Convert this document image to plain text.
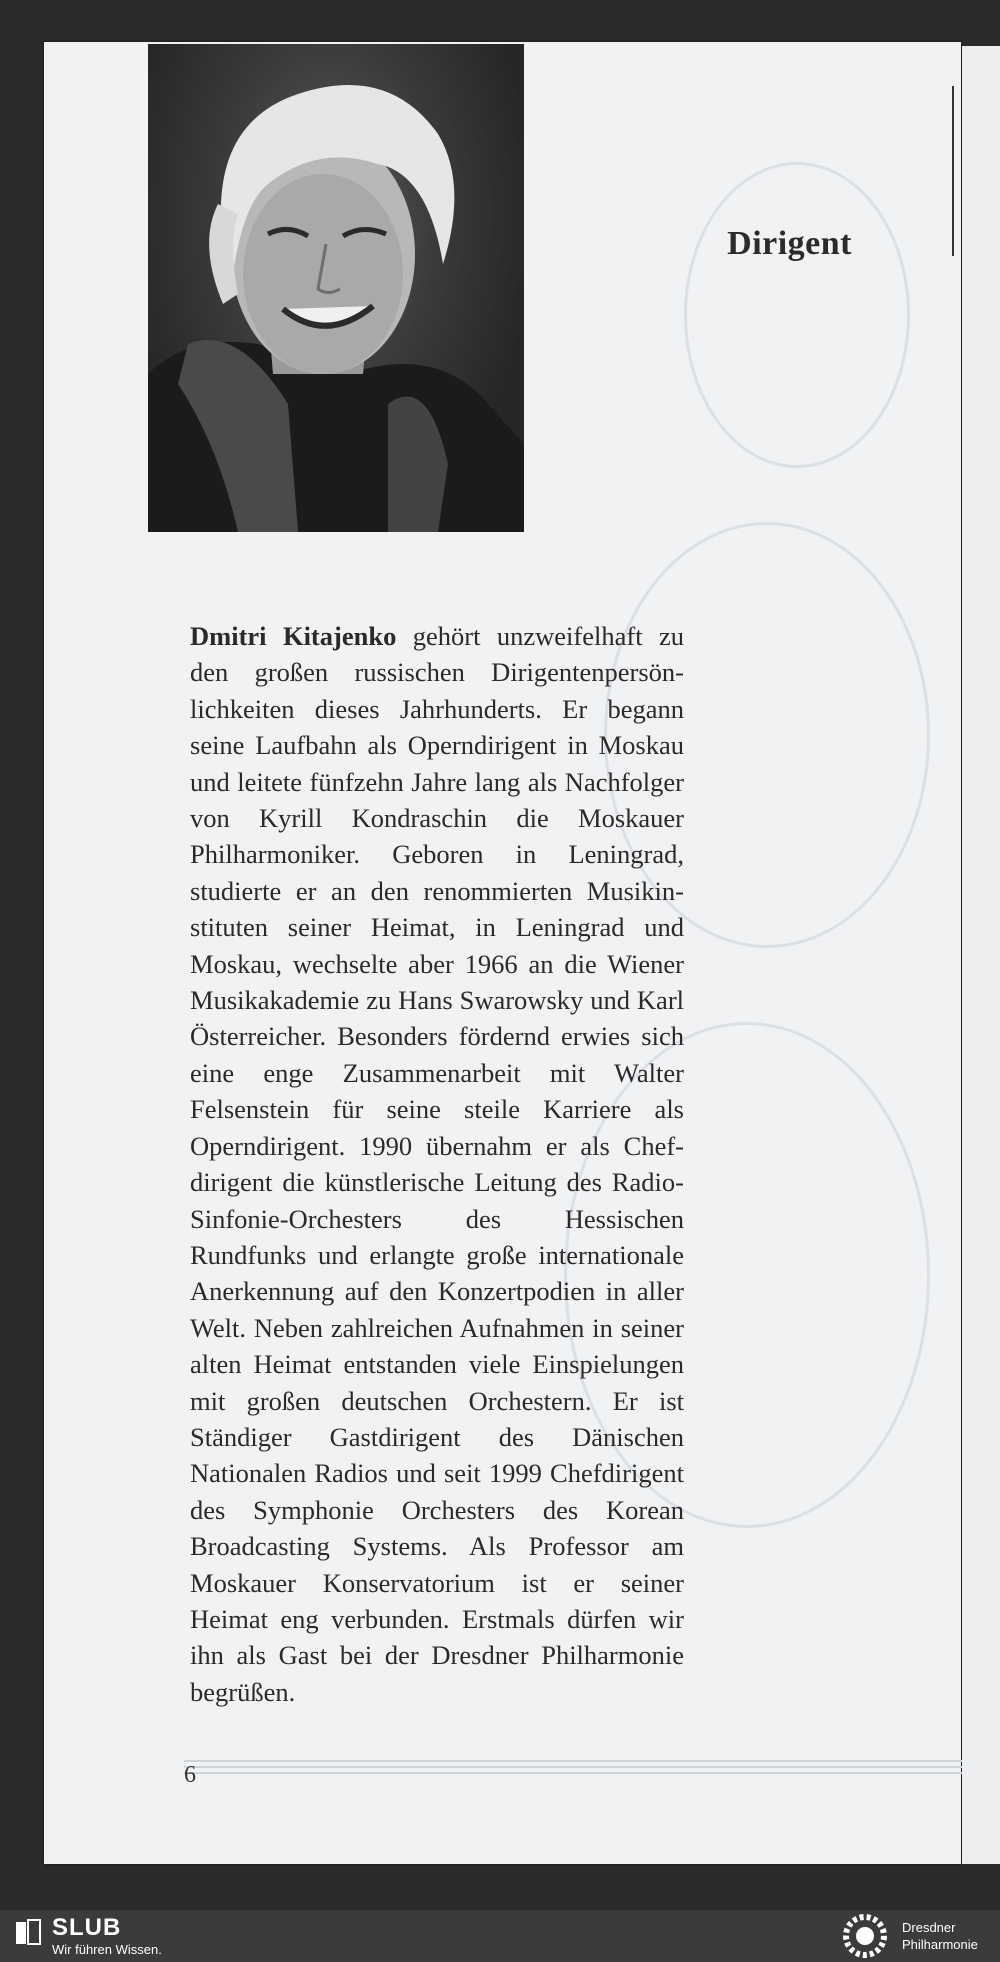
Dirigent
Dmitri Kitajenko gehört unzweifelhaft zu den großen russischen Dirigentenpersönlichkeiten dieses Jahrhunderts. Er begann seine Laufbahn als Operndirigent in Moskau und leitete fünfzehn Jahre lang als Nachfolger von Kyrill Kondraschin die Moskauer Philharmoniker. Geboren in Leningrad, studierte er an den renommierten Musikinstituten seiner Heimat, in Leningrad und Moskau, wechselte aber 1966 an die Wiener Musikakademie zu Hans Swarowsky und Karl Österreicher. Besonders fördernd erwies sich eine enge Zusammenarbeit mit Walter Felsenstein für seine steile Karriere als Operndirigent. 1990 übernahm er als Chefdirigent die künstlerische Leitung des Radio-Sinfonie-Orchesters des Hessischen Rundfunks und erlangte große internationale Anerkennung auf den Konzertpodien in aller Welt. Neben zahlreichen Aufnahmen in seiner alten Heimat entstanden viele Einspielungen mit großen deutschen Orchestern. Er ist Ständiger Gastdirigent des Dänischen Nationalen Radios und seit 1999 Chefdirigent des Symphonie Orchesters des Korean Broadcasting Systems. Als Professor am Moskauer Konservatorium ist er seiner Heimat eng verbunden. Erstmals dürfen wir ihn als Gast bei der Dresdner Philharmonie begrüßen.
6
SLUB
Wir führen Wissen.
Dresdner
Philharmonie
